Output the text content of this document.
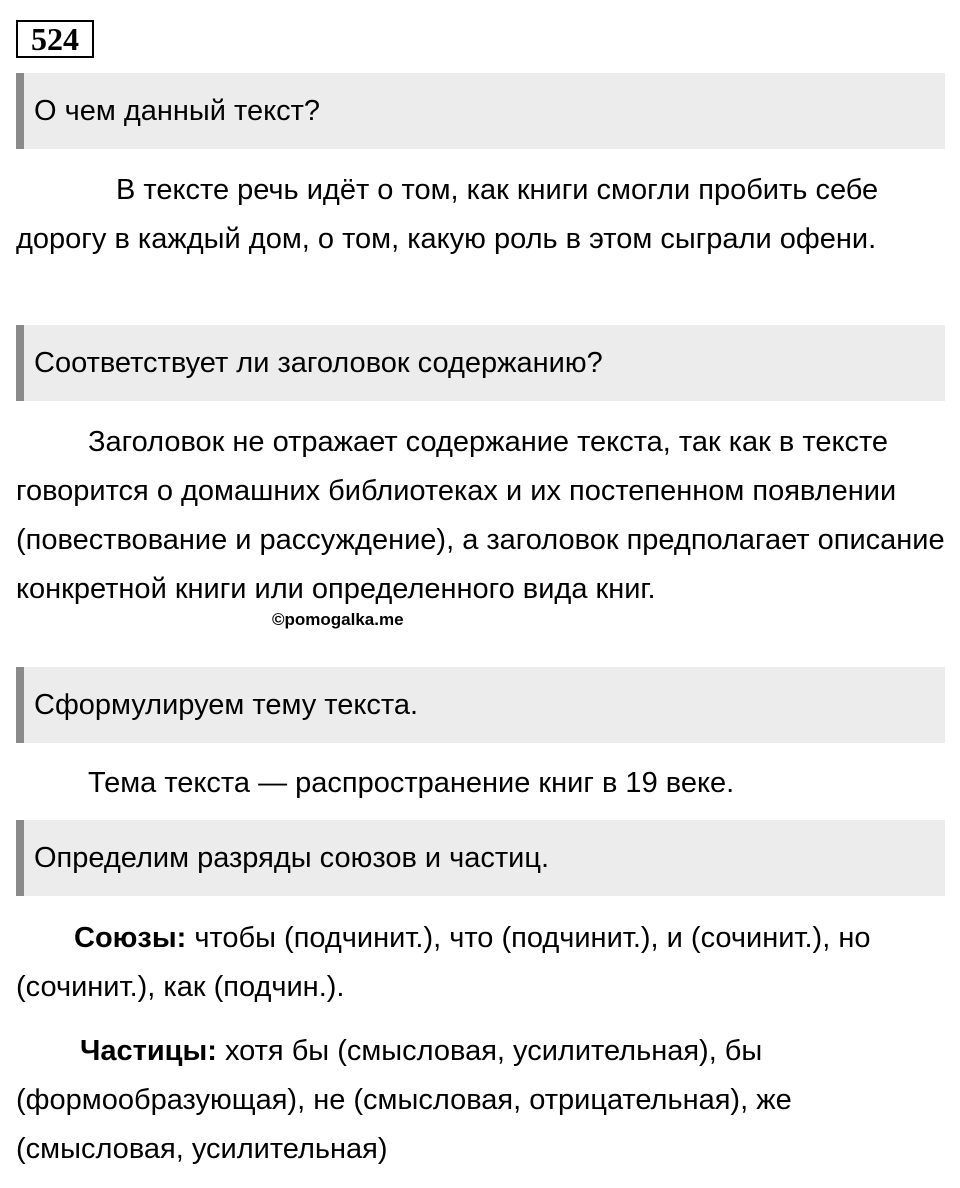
524
О чем данный текст?
В тексте речь идёт о том, как книги смогли пробить себе дорогу в каждый дом, о том, какую роль в этом сыграли офени.
Соответствует ли заголовок содержанию?
Заголовок не отражает содержание текста, так как в тексте говорится о домашних библиотеках и их постепенном появлении (повествование и рассуждение), а заголовок предполагает описание конкретной книги или определенного вида книг.
©pomogalka.me
Сформулируем тему текста.
Тема текста — распространение книг в 19 веке.
Определим разряды союзов и частиц.
Союзы: чтобы (подчинит.), что (подчинит.), и (сочинит.), но (сочинит.), как (подчин.).
Частицы: хотя бы (смысловая, усилительная), бы (формообразующая), не (смысловая, отрицательная), же (смысловая, усилительная)
